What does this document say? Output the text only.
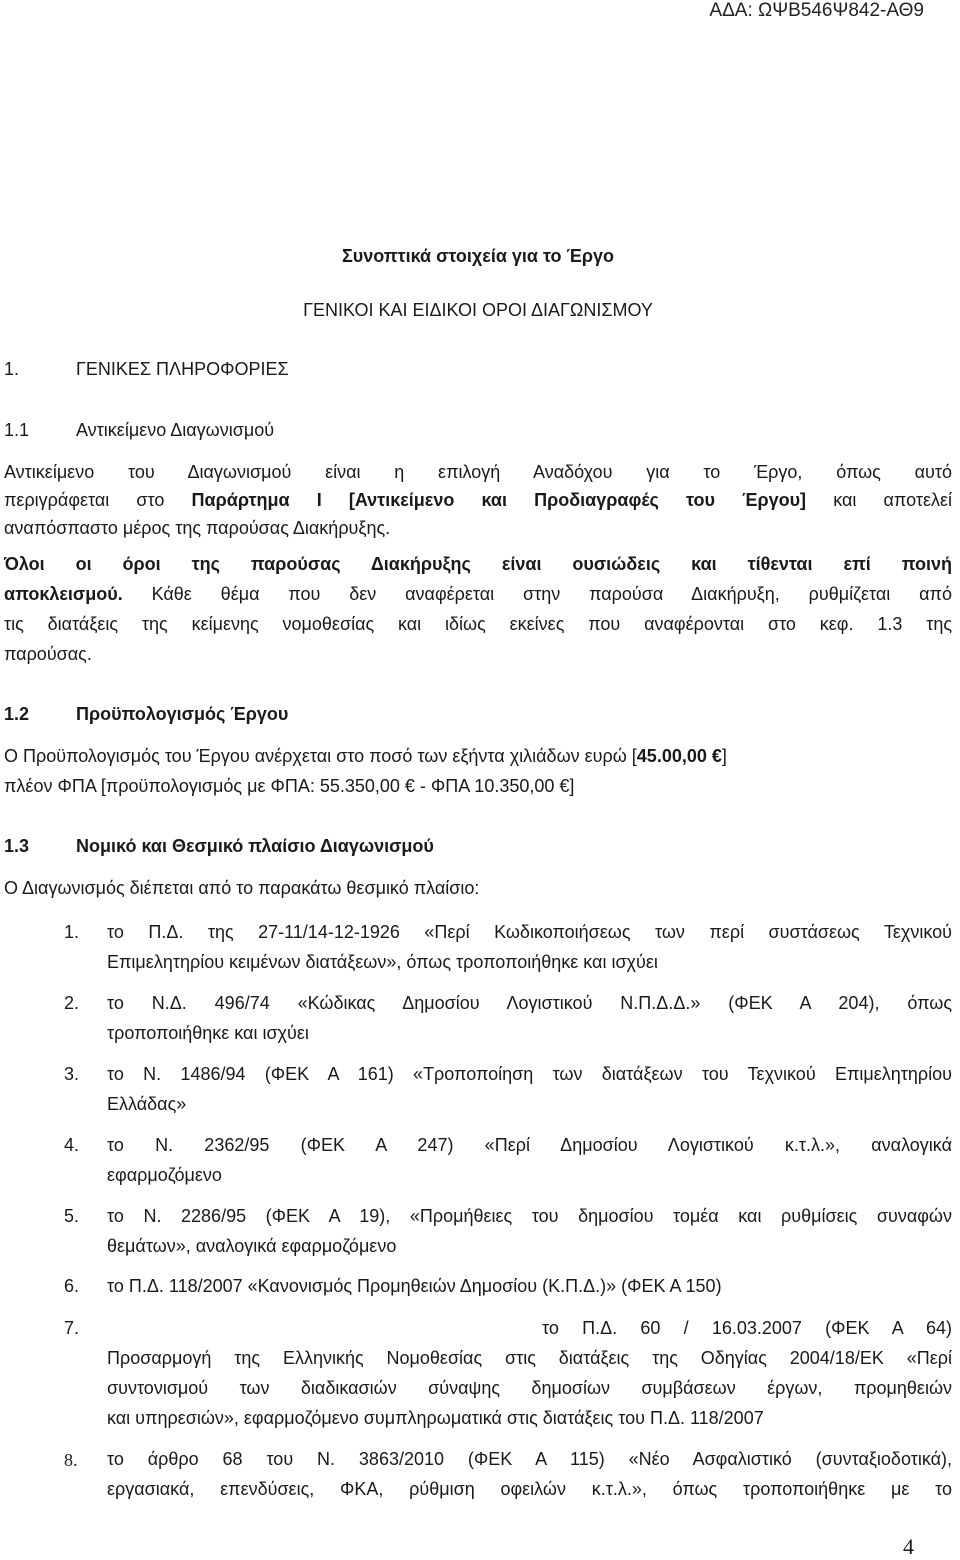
ΑΔΑ: ΩΨΒ546Ψ842-ΑΘ9
Συνοπτικά στοιχεία για το Έργο
ΓΕΝΙΚΟΙ ΚΑΙ ΕΙΔΙΚΟΙ ΟΡΟΙ ΔΙΑΓΩΝΙΣΜΟΥ
1.	ΓΕΝΙΚΕΣ ΠΛΗΡΟΦΟΡΙΕΣ
1.1	Αντικείμενο Διαγωνισμού
Αντικείμενο του Διαγωνισμού είναι η επιλογή Αναδόχου για το Έργο, όπως αυτό
περιγράφεται στο Παράρτημα Ι [Αντικείμενο και Προδιαγραφές του Έργου] και αποτελεί
αναπόσπαστο μέρος της παρούσας Διακήρυξης.
Όλοι οι όροι της παρούσας Διακήρυξης είναι ουσιώδεις και τίθενται επί ποινή
αποκλεισμού. Κάθε θέμα που δεν αναφέρεται στην παρούσα Διακήρυξη, ρυθμίζεται από
τις διατάξεις της κείμενης νομοθεσίας και ιδίως εκείνες που αναφέρονται στο κεφ. 1.3 της
παρούσας.
1.2	Προϋπολογισμός Έργου
Ο Προϋπολογισμός του Έργου ανέρχεται στο ποσό των εξήντα χιλιάδων ευρώ [45.00,00 €]
πλέον ΦΠΑ [προϋπολογισμός με ΦΠΑ: 55.350,00 € - ΦΠΑ 10.350,00 €]
1.3	Νομικό και Θεσμικό πλαίσιο Διαγωνισμού
Ο Διαγωνισμός διέπεται από το παρακάτω θεσμικό πλαίσιο:
1. το Π.Δ. της 27-11/14-12-1926 «Περί Κωδικοποιήσεως των περί συστάσεως Τεχνικού
Επιμελητηρίου κειμένων διατάξεων», όπως τροποποιήθηκε και ισχύει
2. το Ν.Δ. 496/74 «Κώδικας Δημοσίου Λογιστικού Ν.Π.Δ.Δ.» (ΦΕΚ Α 204), όπως
τροποποιήθηκε και ισχύει
3. το Ν. 1486/94 (ΦΕΚ Α 161) «Τροποποίηση των διατάξεων του Τεχνικού Επιμελητηρίου
Ελλάδας»
4. το Ν. 2362/95 (ΦΕΚ Α 247) «Περί Δημοσίου Λογιστικού κ.τ.λ.», αναλογικά
εφαρμοζόμενο
5. το Ν. 2286/95 (ΦΕΚ Α 19), «Προμήθειες του δημοσίου τομέα και ρυθμίσεις συναφών
θεμάτων», αναλογικά εφαρμοζόμενο
6. το Π.Δ. 118/2007 «Κανονισμός Προμηθειών Δημοσίου (Κ.Π.Δ.)» (ΦΕΚ Α 150)
7.	το Π.Δ. 60 / 16.03.2007 (ΦΕΚ Α 64)
Προσαρμογή της Ελληνικής Νομοθεσίας στις διατάξεις της Οδηγίας 2004/18/ΕΚ «Περί
συντονισμού των διαδικασιών σύναψης δημοσίων συμβάσεων έργων, προμηθειών
και υπηρεσιών», εφαρμοζόμενο συμπληρωματικά στις διατάξεις του Π.Δ. 118/2007
8. το άρθρο 68 του Ν. 3863/2010 (ΦΕΚ Α 115) «Νέο Ασφαλιστικό (συνταξιοδοτικά),
εργασιακά, επενδύσεις, ΦΚΑ, ρύθμιση οφειλών κ.τ.λ.», όπως τροποποιήθηκε με το
4
